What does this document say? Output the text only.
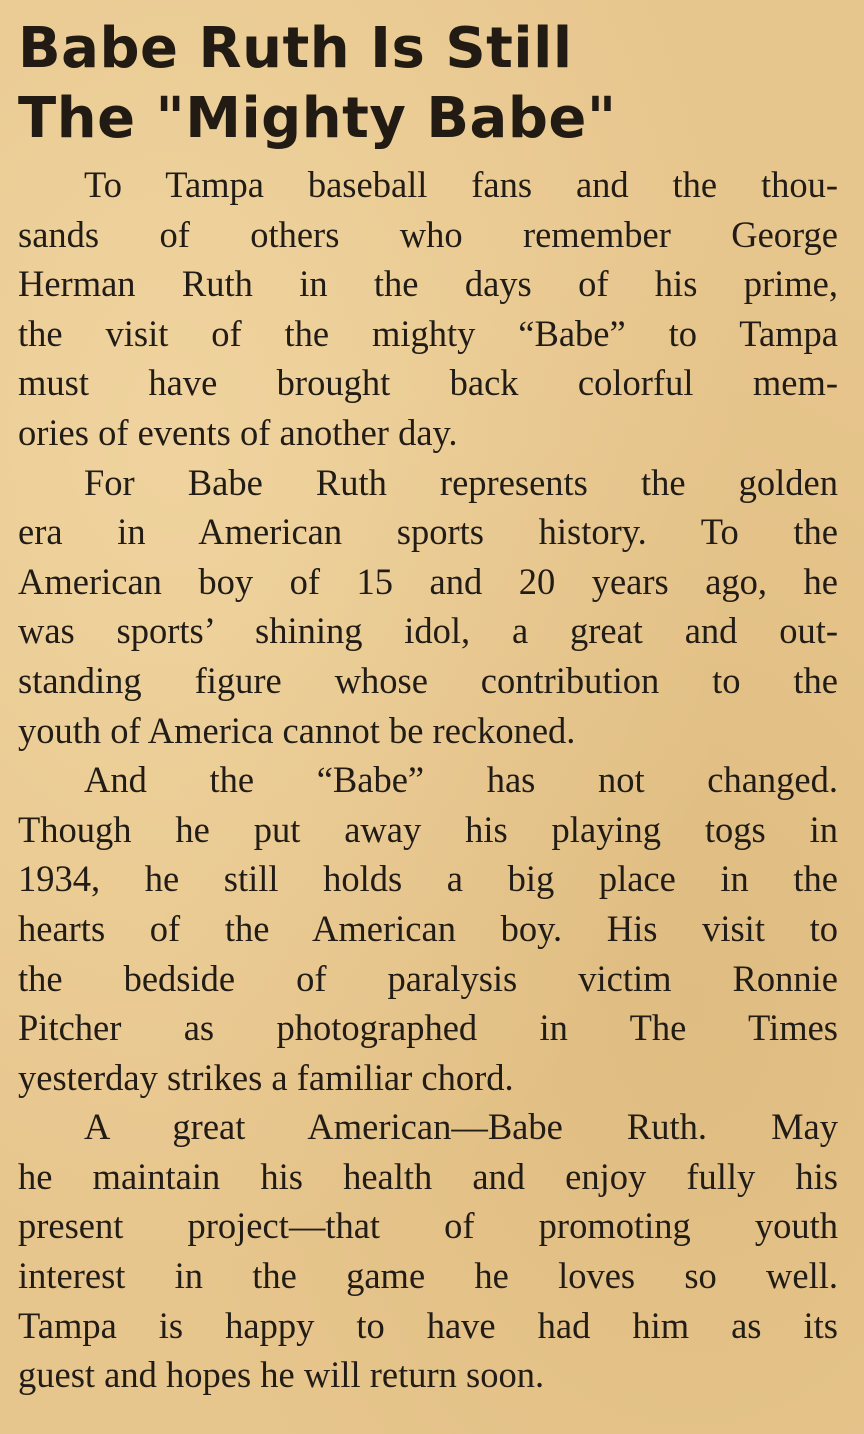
Babe Ruth Is Still
The "Mighty Babe"

To Tampa baseball fans and the thou-
sands of others who remember George
Herman Ruth in the days of his prime,
the visit of the mighty “Babe” to Tampa
must have brought back colorful mem-
ories of events of another day.

For Babe Ruth represents the golden
era in American sports history. To the
American boy of 15 and 20 years ago, he
was sports’ shining idol, a great and out-
standing figure whose contribution to the
youth of America cannot be reckoned.

And the “Babe” has not changed.
Though he put away his playing togs in
1934, he still holds a big place in the
hearts of the American boy. His visit to
the bedside of paralysis victim Ronnie
Pitcher as photographed in The Times
yesterday strikes a familiar chord.

A great American—Babe Ruth. May
he maintain his health and enjoy fully his
present project—that of promoting youth
interest in the game he loves so well.
Tampa is happy to have had him as its
guest and hopes he will return soon.
